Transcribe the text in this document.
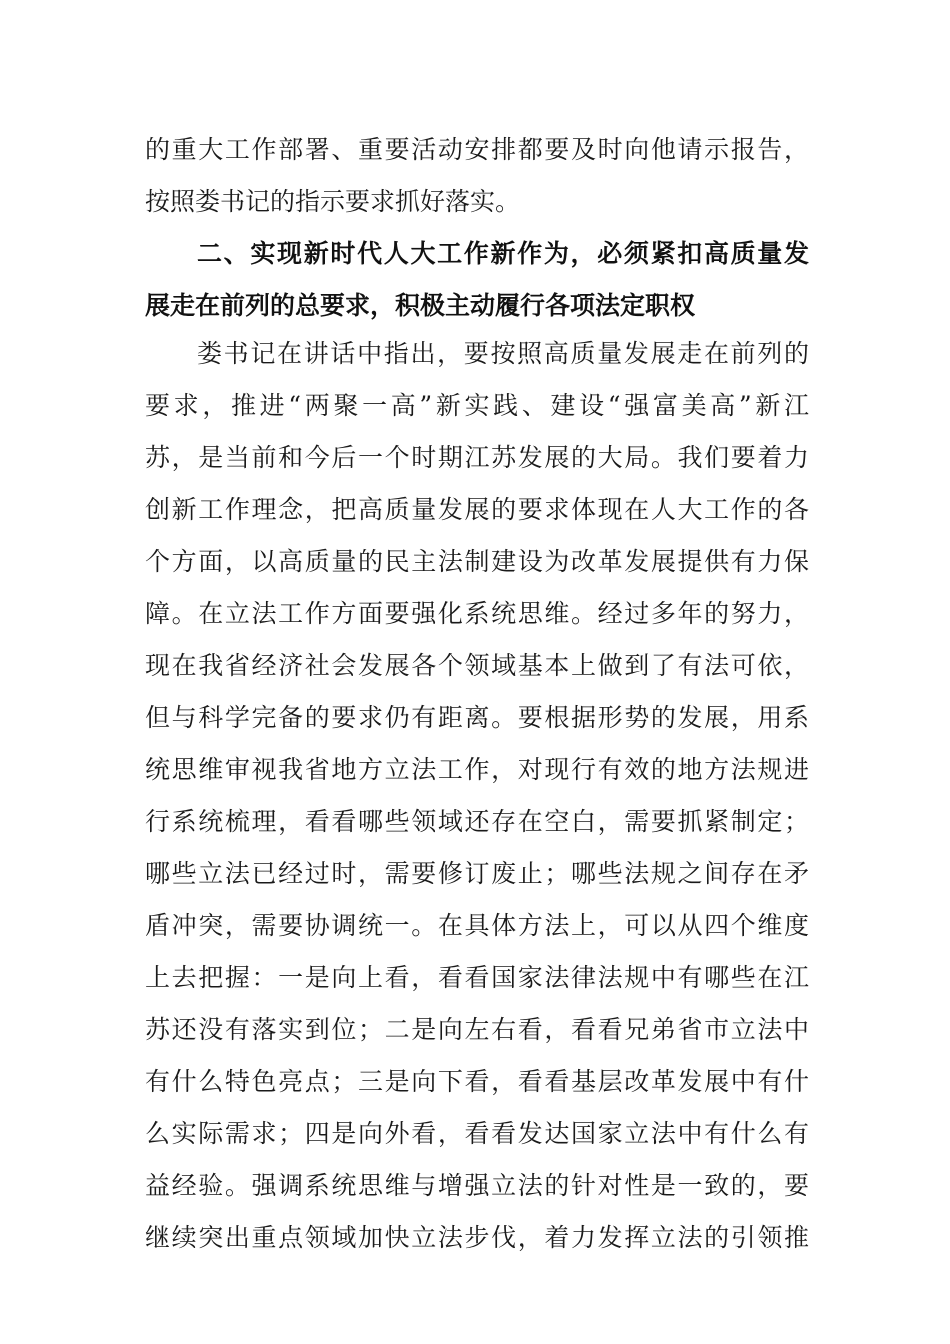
的重大工作部署、重要活动安排都要及时向他请示报告，
按照娄书记的指示要求抓好落实。
二、实现新时代人大工作新作为，必须紧扣高质量发
展走在前列的总要求，积极主动履行各项法定职权
娄书记在讲话中指出，要按照高质量发展走在前列的
要求，推进“两聚一高”新实践、建设“强富美高”新江
苏，是当前和今后一个时期江苏发展的大局。我们要着力
创新工作理念，把高质量发展的要求体现在人大工作的各
个方面，以高质量的民主法制建设为改革发展提供有力保
障。在立法工作方面要强化系统思维。经过多年的努力，
现在我省经济社会发展各个领域基本上做到了有法可依，
但与科学完备的要求仍有距离。要根据形势的发展，用系
统思维审视我省地方立法工作，对现行有效的地方法规进
行系统梳理，看看哪些领域还存在空白，需要抓紧制定；
哪些立法已经过时，需要修订废止；哪些法规之间存在矛
盾冲突，需要协调统一。在具体方法上，可以从四个维度
上去把握：一是向上看，看看国家法律法规中有哪些在江
苏还没有落实到位；二是向左右看，看看兄弟省市立法中
有什么特色亮点；三是向下看，看看基层改革发展中有什
么实际需求；四是向外看，看看发达国家立法中有什么有
益经验。强调系统思维与增强立法的针对性是一致的，要
继续突出重点领域加快立法步伐，着力发挥立法的引领推
